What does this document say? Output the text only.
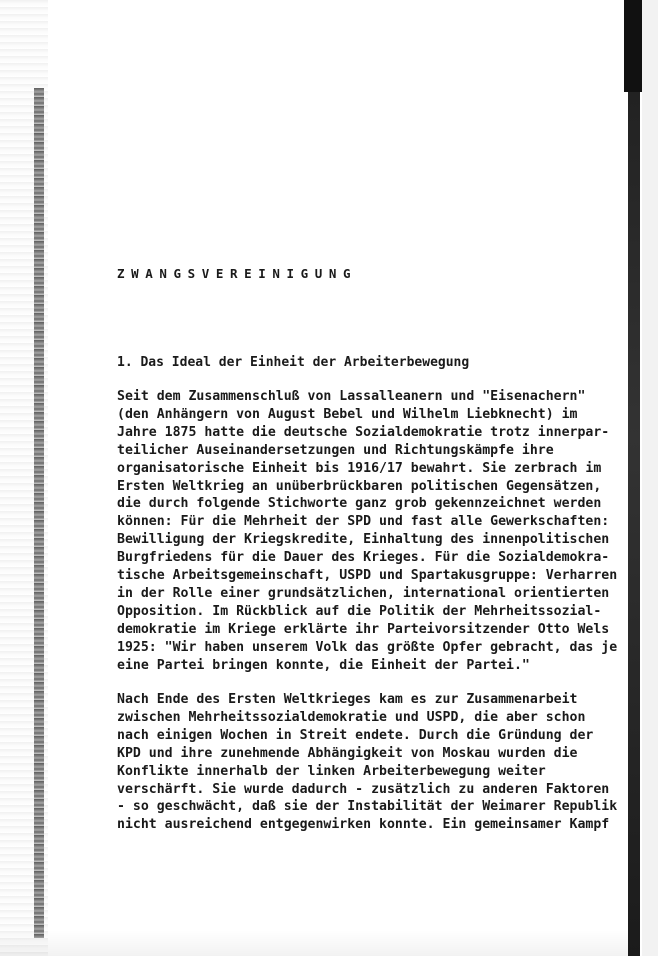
ZWANGSVEREINIGUNG
1. Das Ideal der Einheit der Arbeiterbewegung

Seit dem Zusammenschluß von Lassalleanern und "Eisenachern"
(den Anhängern von August Bebel und Wilhelm Liebknecht) im
Jahre 1875 hatte die deutsche Sozialdemokratie trotz innerpar-
teilicher Auseinandersetzungen und Richtungskämpfe ihre
organisatorische Einheit bis 1916/17 bewahrt. Sie zerbrach im
Ersten Weltkrieg an unüberbrückbaren politischen Gegensätzen,
die durch folgende Stichworte ganz grob gekennzeichnet werden
können: Für die Mehrheit der SPD und fast alle Gewerkschaften:
Bewilligung der Kriegskredite, Einhaltung des innenpolitischen
Burgfriedens für die Dauer des Krieges. Für die Sozialdemokra-
tische Arbeitsgemeinschaft, USPD und Spartakusgruppe: Verharren
in der Rolle einer grundsätzlichen, international orientierten
Opposition. Im Rückblick auf die Politik der Mehrheitssozial-
demokratie im Kriege erklärte ihr Parteivorsitzender Otto Wels
1925: "Wir haben unserem Volk das größte Opfer gebracht, das je
eine Partei bringen konnte, die Einheit der Partei."

Nach Ende des Ersten Weltkrieges kam es zur Zusammenarbeit
zwischen Mehrheitssozialdemokratie und USPD, die aber schon
nach einigen Wochen in Streit endete. Durch die Gründung der
KPD und ihre zunehmende Abhängigkeit von Moskau wurden die
Konflikte innerhalb der linken Arbeiterbewegung weiter
verschärft. Sie wurde dadurch - zusätzlich zu anderen Faktoren
- so geschwächt, daß sie der Instabilität der Weimarer Republik
nicht ausreichend entgegenwirken konnte. Ein gemeinsamer Kampf
